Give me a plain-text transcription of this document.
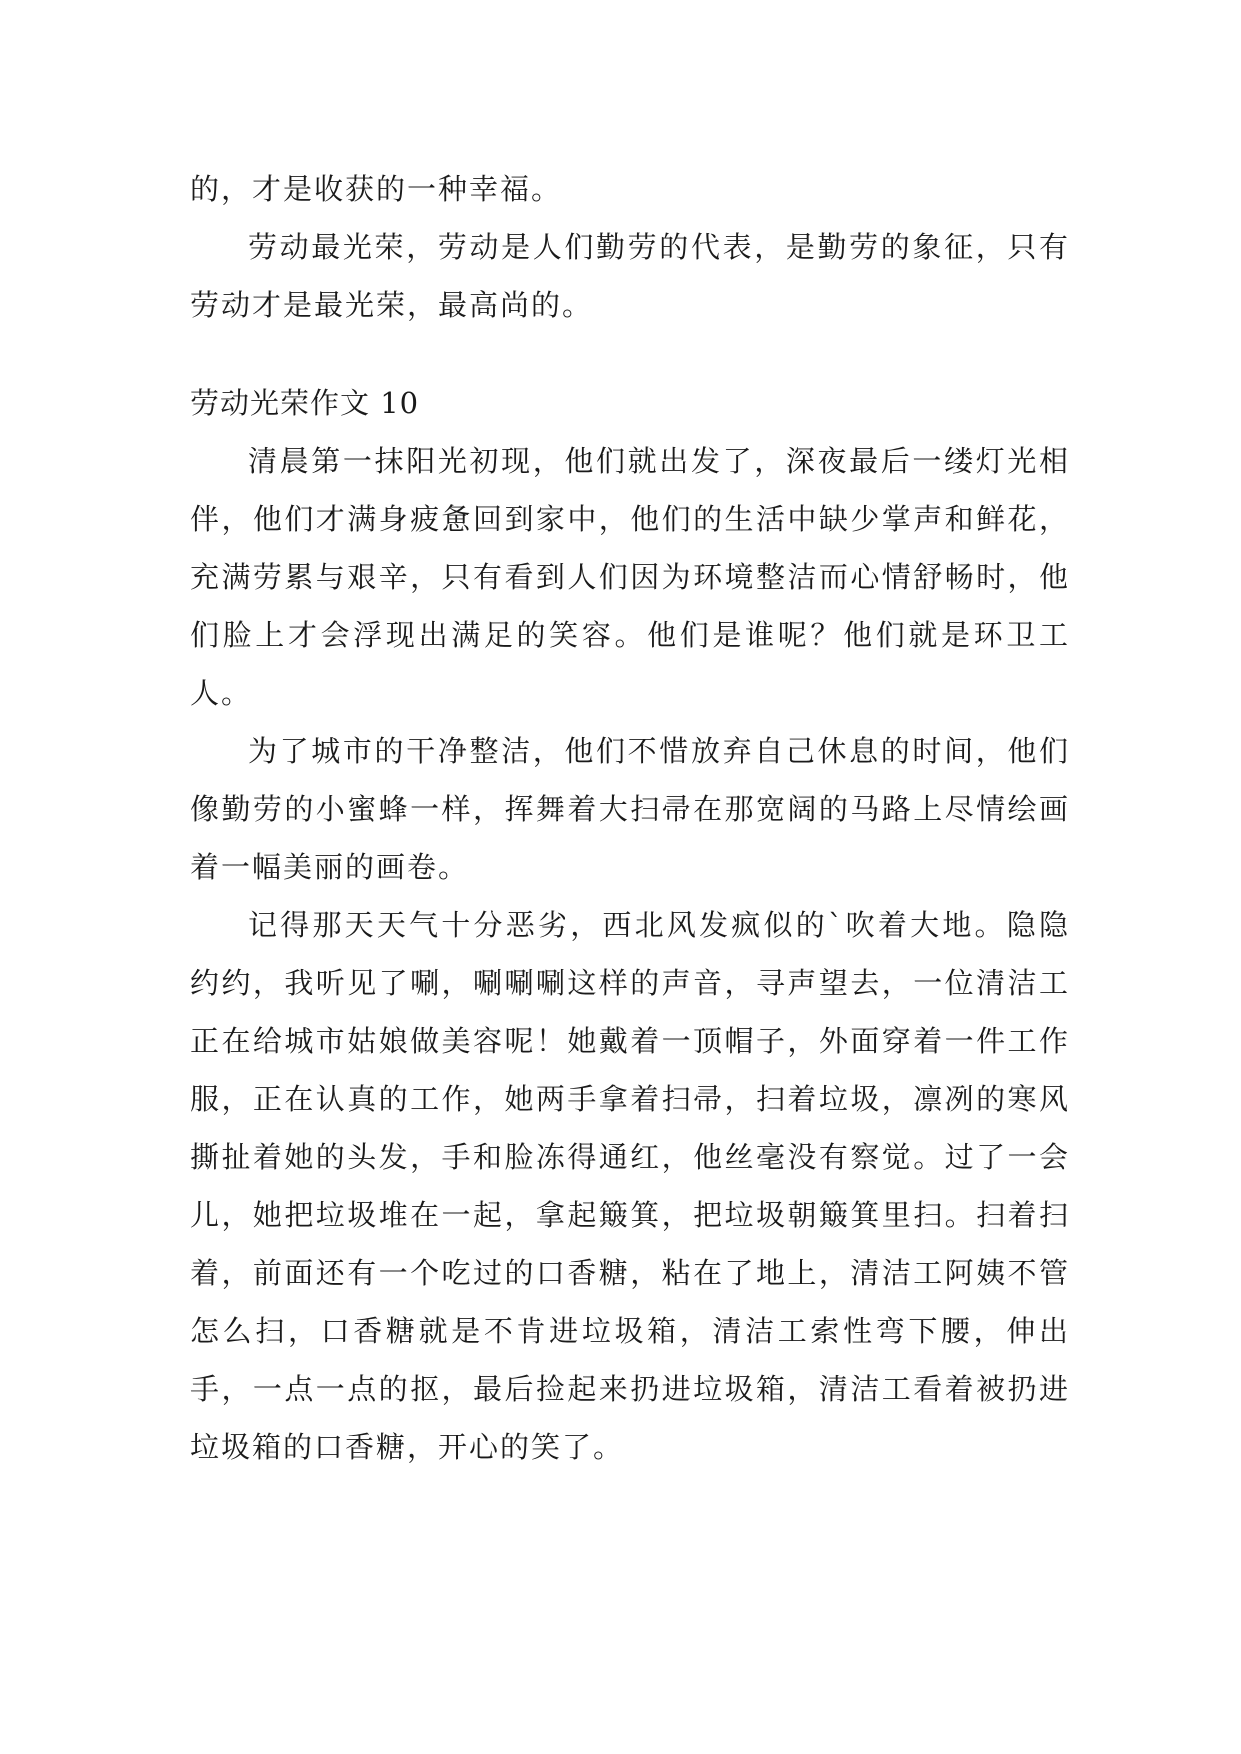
的，才是收获的一种幸福。

劳动最光荣，劳动是人们勤劳的代表，是勤劳的象征，只有劳动才是最光荣，最高尚的。

劳动光荣作文 10

清晨第一抹阳光初现，他们就出发了，深夜最后一缕灯光相伴，他们才满身疲惫回到家中，他们的生活中缺少掌声和鲜花，充满劳累与艰辛，只有看到人们因为环境整洁而心情舒畅时，他们脸上才会浮现出满足的笑容。他们是谁呢？他们就是环卫工人。

为了城市的干净整洁，他们不惜放弃自己休息的时间，他们像勤劳的小蜜蜂一样，挥舞着大扫帚在那宽阔的马路上尽情绘画着一幅美丽的画卷。

记得那天天气十分恶劣，西北风发疯似的`吹着大地。隐隐约约，我听见了唰，唰唰唰这样的声音，寻声望去，一位清洁工正在给城市姑娘做美容呢！她戴着一顶帽子，外面穿着一件工作服，正在认真的工作，她两手拿着扫帚，扫着垃圾，凛冽的寒风撕扯着她的头发，手和脸冻得通红，他丝毫没有察觉。过了一会儿，她把垃圾堆在一起，拿起簸箕，把垃圾朝簸箕里扫。扫着扫着，前面还有一个吃过的口香糖，粘在了地上，清洁工阿姨不管怎么扫，口香糖就是不肯进垃圾箱，清洁工索性弯下腰，伸出手，一点一点的抠，最后捡起来扔进垃圾箱，清洁工看着被扔进垃圾箱的口香糖，开心的笑了。
